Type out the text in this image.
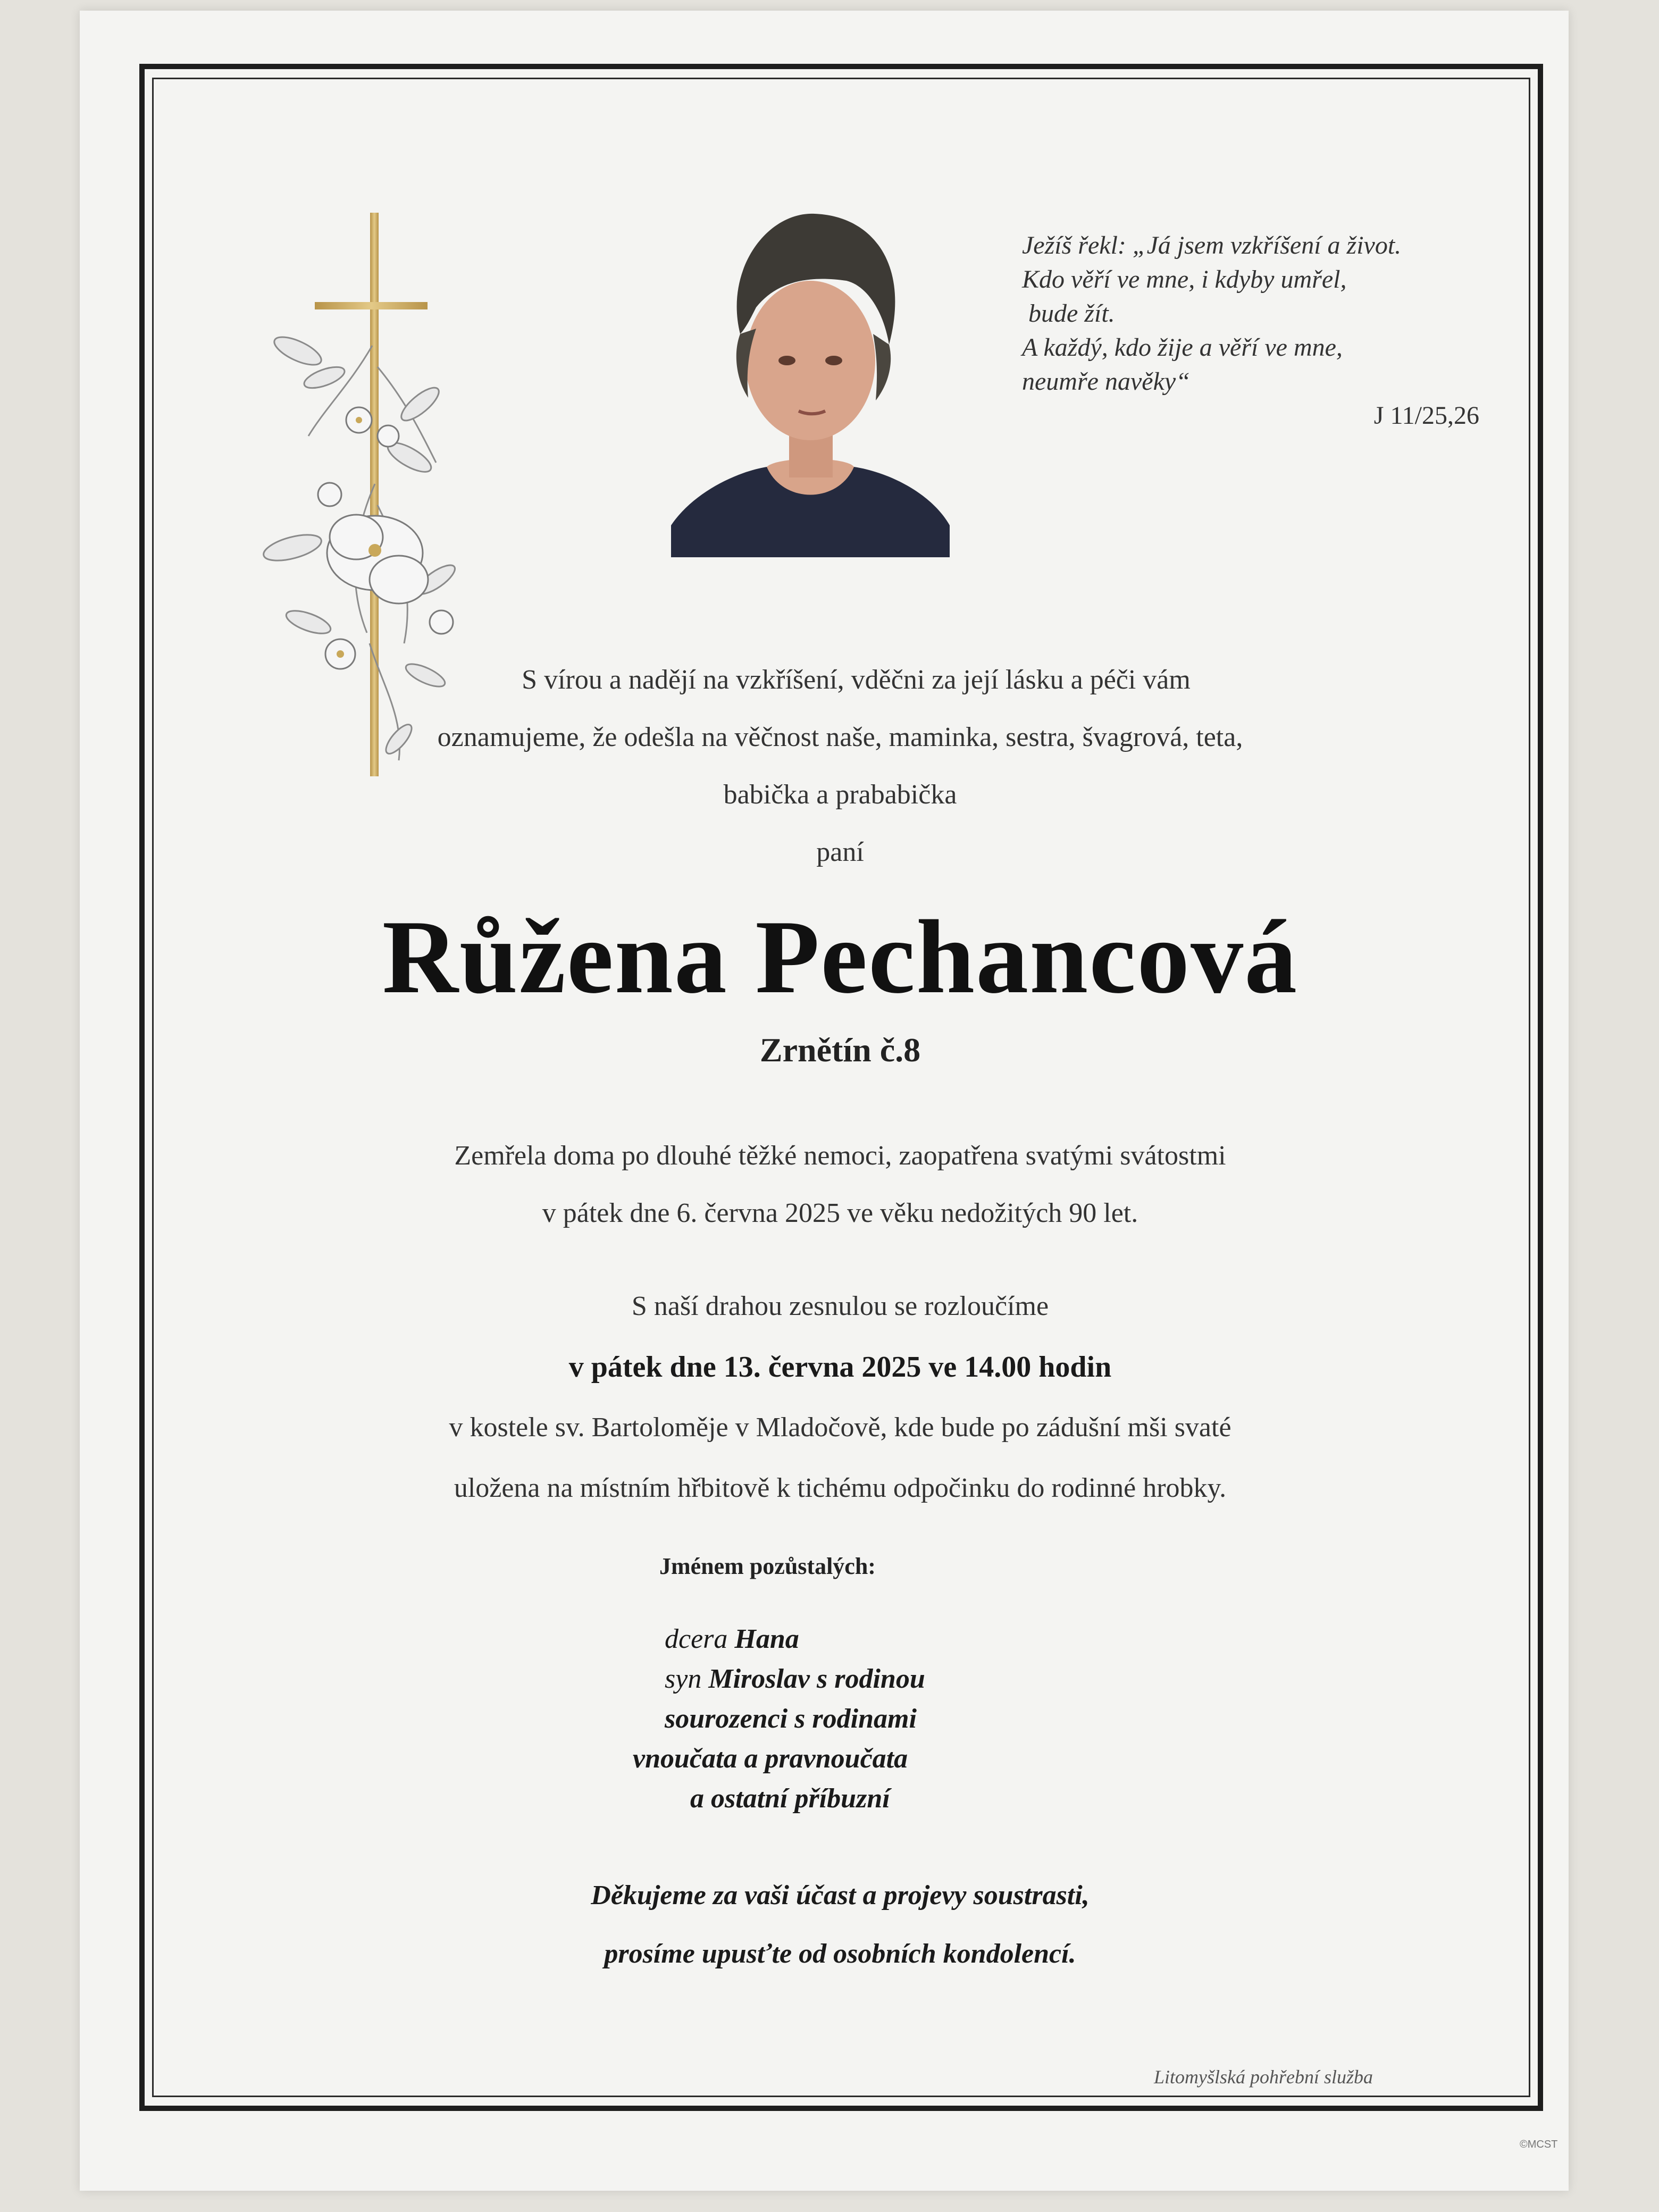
Ježíš řekl: „Já jsem vzkříšení a život.
Kdo věří ve mne, i kdyby umřel,
bude žít.
A každý, kdo žije a věří ve mne,
neumře navěky“
J 11/25,26
S vírou a nadějí na vzkříšení, vděčni za její lásku a péči vám
oznamujeme, že odešla na věčnost naše, maminka, sestra, švagrová, teta,
babička a prababička
paní
Růžena Pechancová
Zrnětín č.8
Zemřela doma po dlouhé těžké nemoci, zaopatřena svatými svátostmi
v pátek dne 6. června 2025 ve věku nedožitých 90 let.
S naší drahou zesnulou se rozloučíme
v pátek dne 13. června 2025 ve 14.00 hodin
v kostele sv. Bartoloměje v Mladočově, kde bude po zádušní mši svaté
uložena na místním hřbitově k tichému odpočinku do rodinné hrobky.
Jménem pozůstalých:
dcera Hana
syn Miroslav s rodinou
sourozenci s rodinami
vnoučata a pravnoučata
a ostatní příbuzní
Děkujeme za vaši účast a projevy soustrasti,
prosíme upusťte od osobních kondolencí.
Litomyšlská pohřební služba
©MCST
